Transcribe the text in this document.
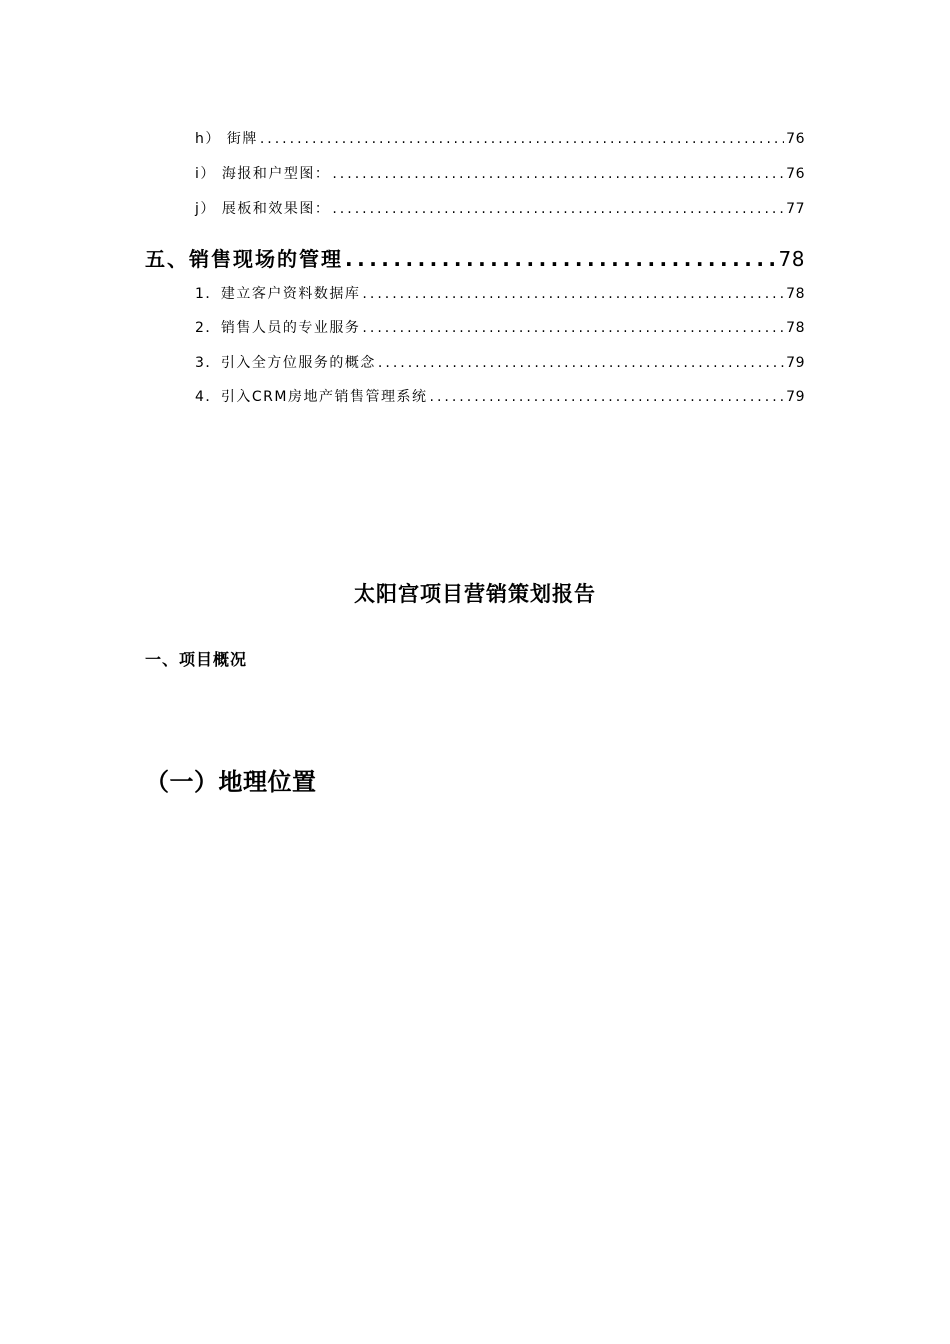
h） 街牌 .....	76
i） 海报和户型图： .....	76
j） 展板和效果图： .....	77
五、销售现场的管理 .....	78
1．建立客户资料数据库 .....	78
2．销售人员的专业服务 .....	78
3．引入全方位服务的概念 .....	79
4．引入CRM房地产销售管理系统 .....	79
太阳宫项目营销策划报告
一、项目概况
（一）地理位置
